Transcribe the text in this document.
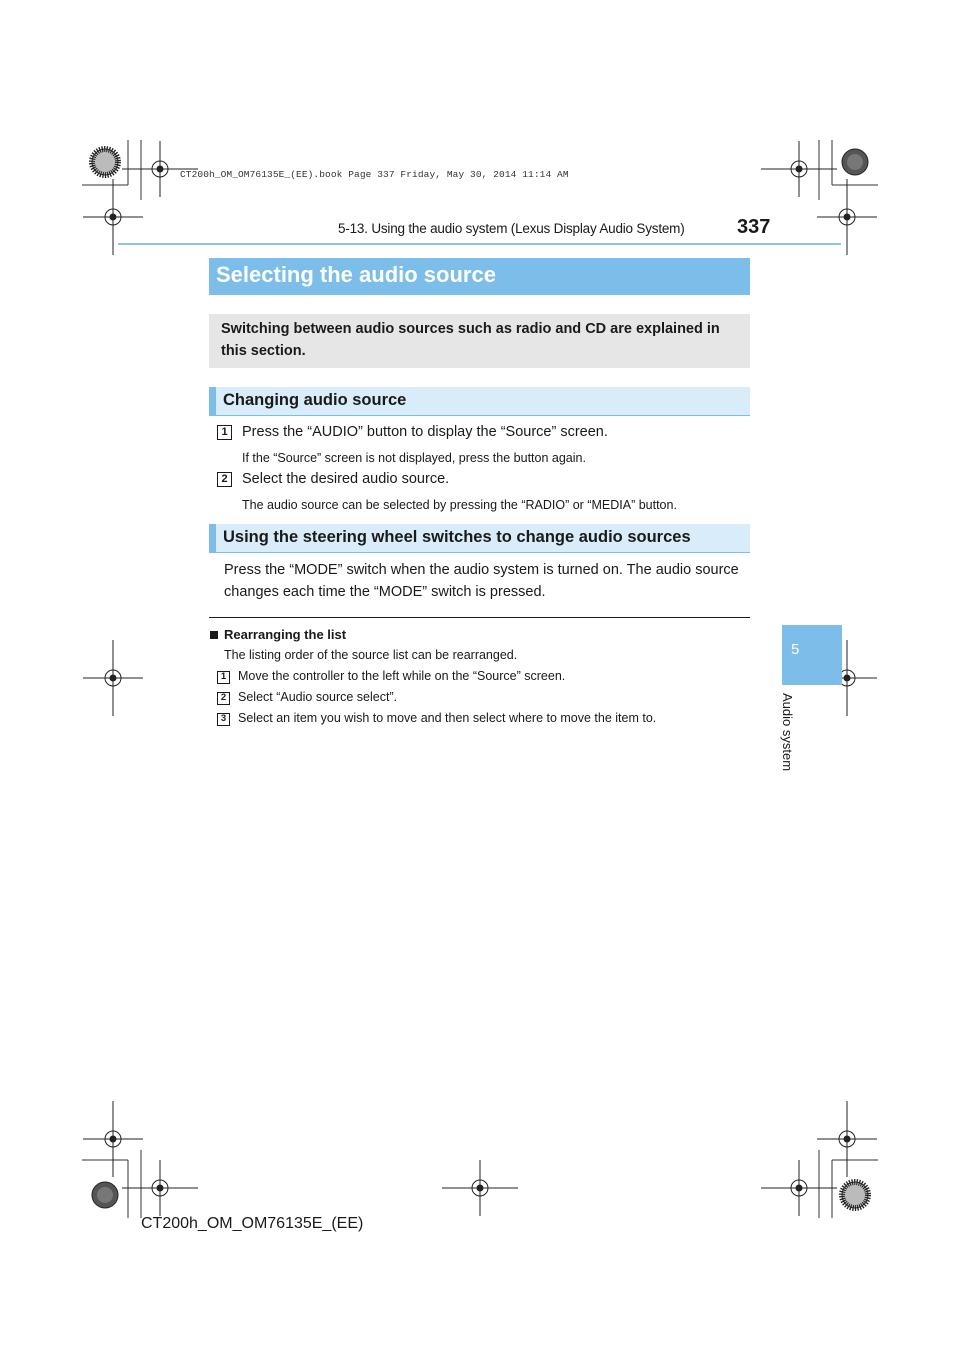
CT200h_OM_OM76135E_(EE).book Page 337 Friday, May 30, 2014 11:14 AM
5-13. Using the audio system (Lexus Display Audio System)	337
Selecting the audio source
Switching between audio sources such as radio and CD are explained in this section.
Changing audio source
1 Press the “AUDIO” button to display the “Source” screen.
If the “Source” screen is not displayed, press the button again.
2 Select the desired audio source.
The audio source can be selected by pressing the “RADIO” or “MEDIA” button.
Using the steering wheel switches to change audio sources
Press the “MODE” switch when the audio system is turned on. The audio source changes each time the “MODE” switch is pressed.
Rearranging the list
The listing order of the source list can be rearranged.
1 Move the controller to the left while on the “Source” screen.
2 Select “Audio source select”.
3 Select an item you wish to move and then select where to move the item to.
5
Audio system
CT200h_OM_OM76135E_(EE)
